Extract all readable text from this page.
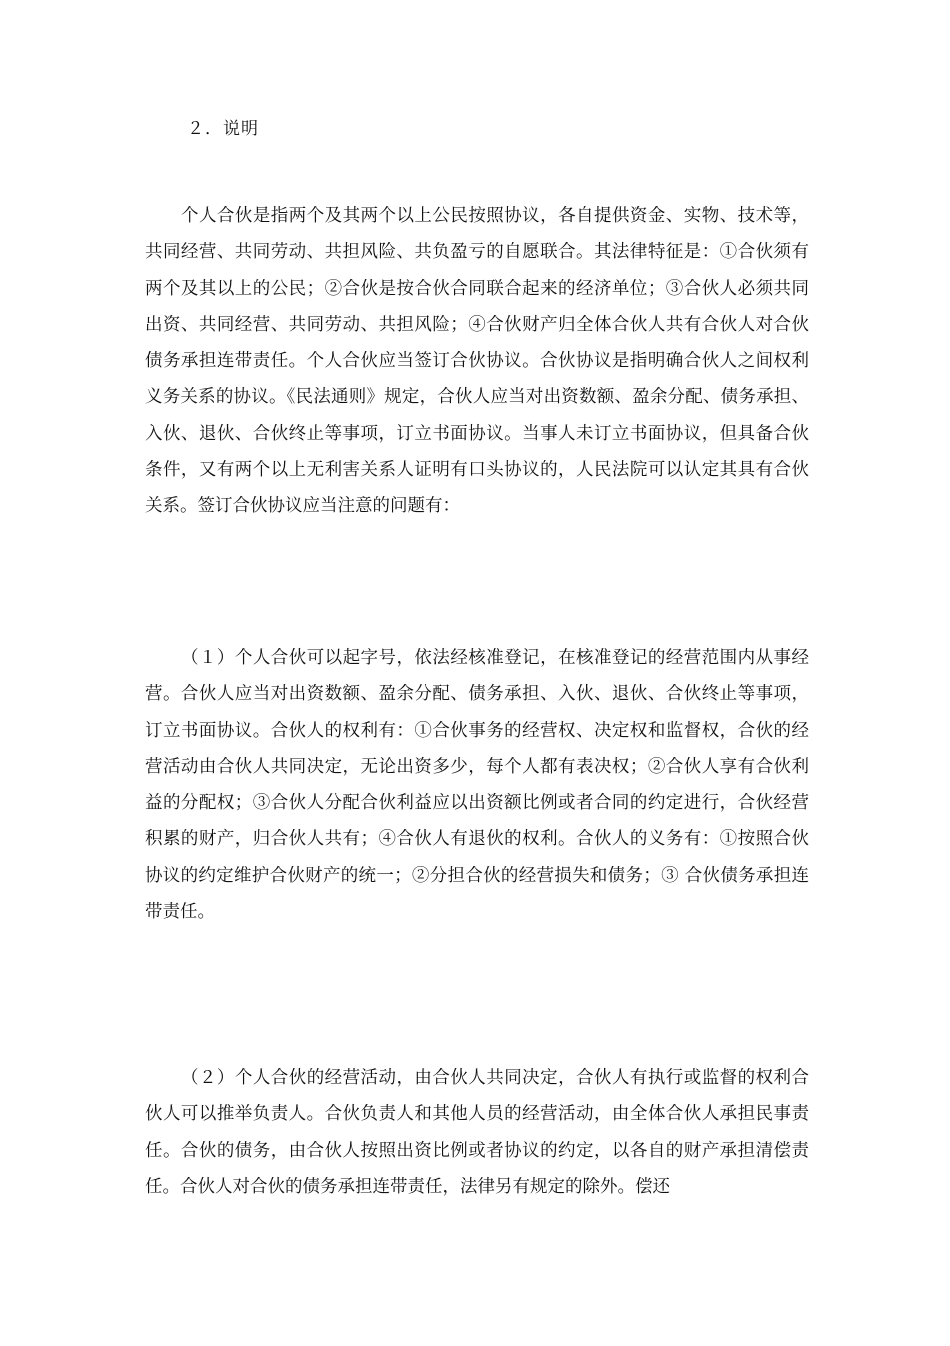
２．说明

个人合伙是指两个及其两个以上公民按照协议，各自提供资金、实物、技术等，共同经营、共同劳动、共担风险、共负盈亏的自愿联合。其法律特征是：①合伙须有两个及其以上的公民；②合伙是按合伙合同联合起来的经济单位；③合伙人必须共同出资、共同经营、共同劳动、共担风险；④合伙财产归全体合伙人共有合伙人对合伙债务承担连带责任。个人合伙应当签订合伙协议。合伙协议是指明确合伙人之间权利义务关系的协议。《民法通则》规定，合伙人应当对出资数额、盈余分配、债务承担、入伙、退伙、合伙终止等事项，订立书面协议。当事人未订立书面协议，但具备合伙条件，又有两个以上无利害关系人证明有口头协议的，人民法院可以认定其具有合伙关系。签订合伙协议应当注意的问题有：

（１）个人合伙可以起字号，依法经核准登记，在核准登记的经营范围内从事经营。合伙人应当对出资数额、盈余分配、债务承担、入伙、退伙、合伙终止等事项，订立书面协议。合伙人的权利有：①合伙事务的经营权、决定权和监督权，合伙的经营活动由合伙人共同决定，无论出资多少，每个人都有表决权；②合伙人享有合伙利益的分配权；③合伙人分配合伙利益应以出资额比例或者合同的约定进行，合伙经营积累的财产，归合伙人共有；④合伙人有退伙的权利。合伙人的义务有：①按照合伙协议的约定维护合伙财产的统一；②分担合伙的经营损失和债务；③ 合伙债务承担连带责任。

（２）个人合伙的经营活动，由合伙人共同决定，合伙人有执行或监督的权利合伙人可以推举负责人。合伙负责人和其他人员的经营活动，由全体合伙人承担民事责任。合伙的债务，由合伙人按照出资比例或者协议的约定，以各自的财产承担清偿责任。合伙人对合伙的债务承担连带责任，法律另有规定的除外。偿还
